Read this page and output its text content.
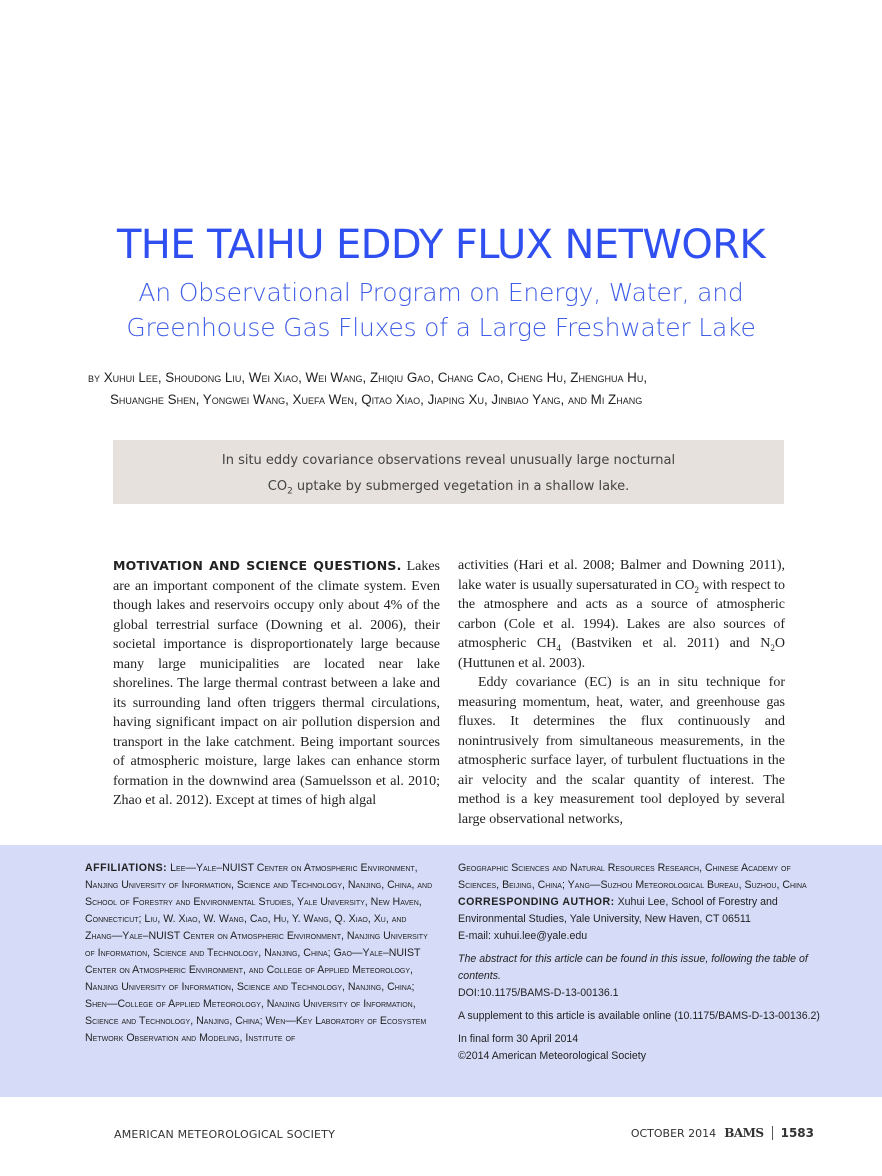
THE TAIHU EDDY FLUX NETWORK
An Observational Program on Energy, Water, and
Greenhouse Gas Fluxes of a Large Freshwater Lake
by Xuhui Lee, Shoudong Liu, Wei Xiao, Wei Wang, Zhiqiu Gao, Chang Cao, Cheng Hu, Zhenghua Hu,
Shuanghe Shen, Yongwei Wang, Xuefa Wen, Qitao Xiao, Jiaping Xu, Jinbiao Yang, and Mi Zhang
In situ eddy covariance observations reveal unusually large nocturnal
$CO_2$ uptake by submerged vegetation in a shallow lake.

MOTIVATION AND SCIENCE QUESTIONS. Lakes are an important component of the climate system. Even though lakes and reservoirs occupy only about 4% of the global terrestrial surface (Downing et al. 2006), their societal importance is disproportionately large because many large municipalities are located near lake shorelines. The large thermal contrast between a lake and its surrounding land often triggers thermal circulations, having significant impact on air pollution dispersion and transport in the lake catchment. Being important sources of atmospheric moisture, large lakes can enhance storm formation in the downwind area (Samuelsson et al. 2010; Zhao et al. 2012). Except at times of high algal

activities (Hari et al. 2008; Balmer and Downing 2011), lake water is usually supersaturated in $CO_2$ with respect to the atmosphere and acts as a source of atmospheric carbon (Cole et al. 1994). Lakes are also sources of atmospheric $CH_4$ (Bastviken et al. 2011) and $N_2O$ (Huttunen et al. 2003).

Eddy covariance (EC) is an in situ technique for measuring momentum, heat, water, and greenhouse gas fluxes. It determines the flux continuously and nonintrusively from simultaneous measurements, in the atmospheric surface layer, of turbulent fluctuations in the air velocity and the scalar quantity of interest. The method is a key measurement tool deployed by several large observational networks,

AFFILIATIONS: Lee—Yale–NUIST Center on Atmospheric Environment, Nanjing University of Information, Science and Technology, Nanjing, China, and School of Forestry and Environmental Studies, Yale University, New Haven, Connecticut; Liu, W. Xiao, W. Wang, Cao, Hu, Y. Wang, Q. Xiao, Xu, and Zhang—Yale–NUIST Center on Atmospheric Environment, Nanjing University of Information, Science and Technology, Nanjing, China; Gao—Yale–NUIST Center on Atmospheric Environment, and College of Applied Meteorology, Nanjing University of Information, Science and Technology, Nanjing, China; Shen—College of Applied Meteorology, Nanjing University of Information, Science and Technology, Nanjing, China; Wen—Key Laboratory of Ecosystem Network Observation and Modeling, Institute of
Geographic Sciences and Natural Resources Research, Chinese Academy of Sciences, Beijing, China; Yang—Suzhou Meteorological Bureau, Suzhou, China
CORRESPONDING AUTHOR: Xuhui Lee, School of Forestry and Environmental Studies, Yale University, New Haven, CT 06511
E-mail: xuhui.lee@yale.edu
The abstract for this article can be found in this issue, following the table of contents.
DOI:10.1175/BAMS-D-13-00136.1
A supplement to this article is available online (10.1175/BAMS-D-13-00136.2)
In final form 30 April 2014
©2014 American Meteorological Society
AMERICAN METEOROLOGICAL SOCIETY	OCTOBER 2014 BAMS 1583
